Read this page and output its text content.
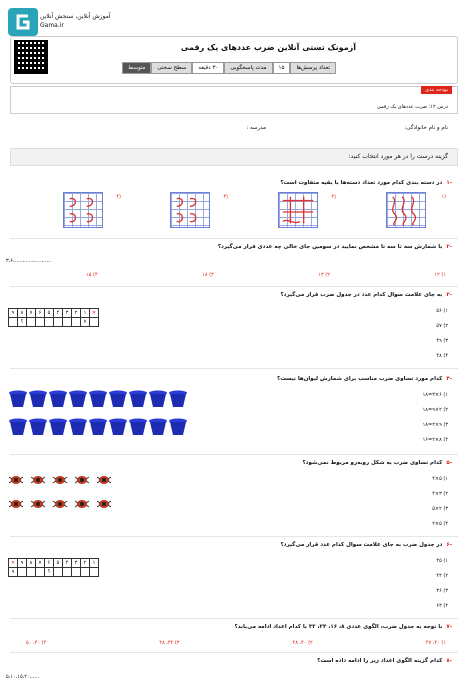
آموزش آنلاین، سنجش آنلاین
Gama.ir
آزمونک تستی آنلاین ضرب عددهای یک رقمی
تعداد پرسش‌ها
۱۵
مدت پاسخگویی
۳۰ دقیقه
سطح سختی
متوسط
بودجه بندی
درس ۱۲: ضرب عددهای یک رقمی
نام و نام خانوادگی:
مدرسه :
گزینه درست را در هر مورد انتخاب کنید:
-۱در دسته بندی کدام مورد تعداد دسته‌ها با بقیه متفاوت است؟
۱)
۲)
۳)
۴)
-۲با شمارش سه تا سه تا مشخص نمایید در سومین جای خالی چه عددی قرار می‌گیرد؟
۳،۶،.....،.....،.....،.....
۱) ۱۲
۲) ۱۳
۳) ۱۸
۴) ۱۵
-۳به جای علامت سوال کدام عدد در جدول ضرب قرار می‌گیرد؟
۹	۸	۷	۶	۵	۴	۳	۲	۱	✕
	؟							۷	
۱) ۵۶
۲) ۵۷
۳) ۴۹
۴) ۴۸
-۴کدام مورد تساوی ضرب مناسب برای شمارش لیوان‌ها نیست؟
۱) ۶×۳=۱۸
۲) ۲×۹=۱۸
۳) ۹×۲=۱۸
۴) ۸×۲=۱۶
-۵کدام تساوی ضرب به شکل روبه‌رو مربوط نمی‌شود؟
۱) ۵×۴
۲) ۳×۴
۳) ۲×۵
۴) ۵×۲
-۶در جدول ضرب به جای علامت سوال کدام عدد قرار می‌گیرد؟
✕	۹	۸	۷	۶	۵	۴	۳	۲	۱
۹				؟					
۱) ۴۵
۲) ۴۴
۳) ۳۶
۴) ۶۳
-۷با توجه به جدول ضرب، الگوی عددی ۸، ۱۶، ۲۴، ۳۲ با کدام اعداد ادامه می‌یابد؟
۱) ۴۰، ۴۷
۲) ۴۰، ۴۸
۳) ۴۴، ۴۸
۴) ۴۰، ۵۰
-۸کدام گزینه الگوی اعداد زیر را ادامه داده است؟
۵،۱۰،۱۵،۲۰،.....
